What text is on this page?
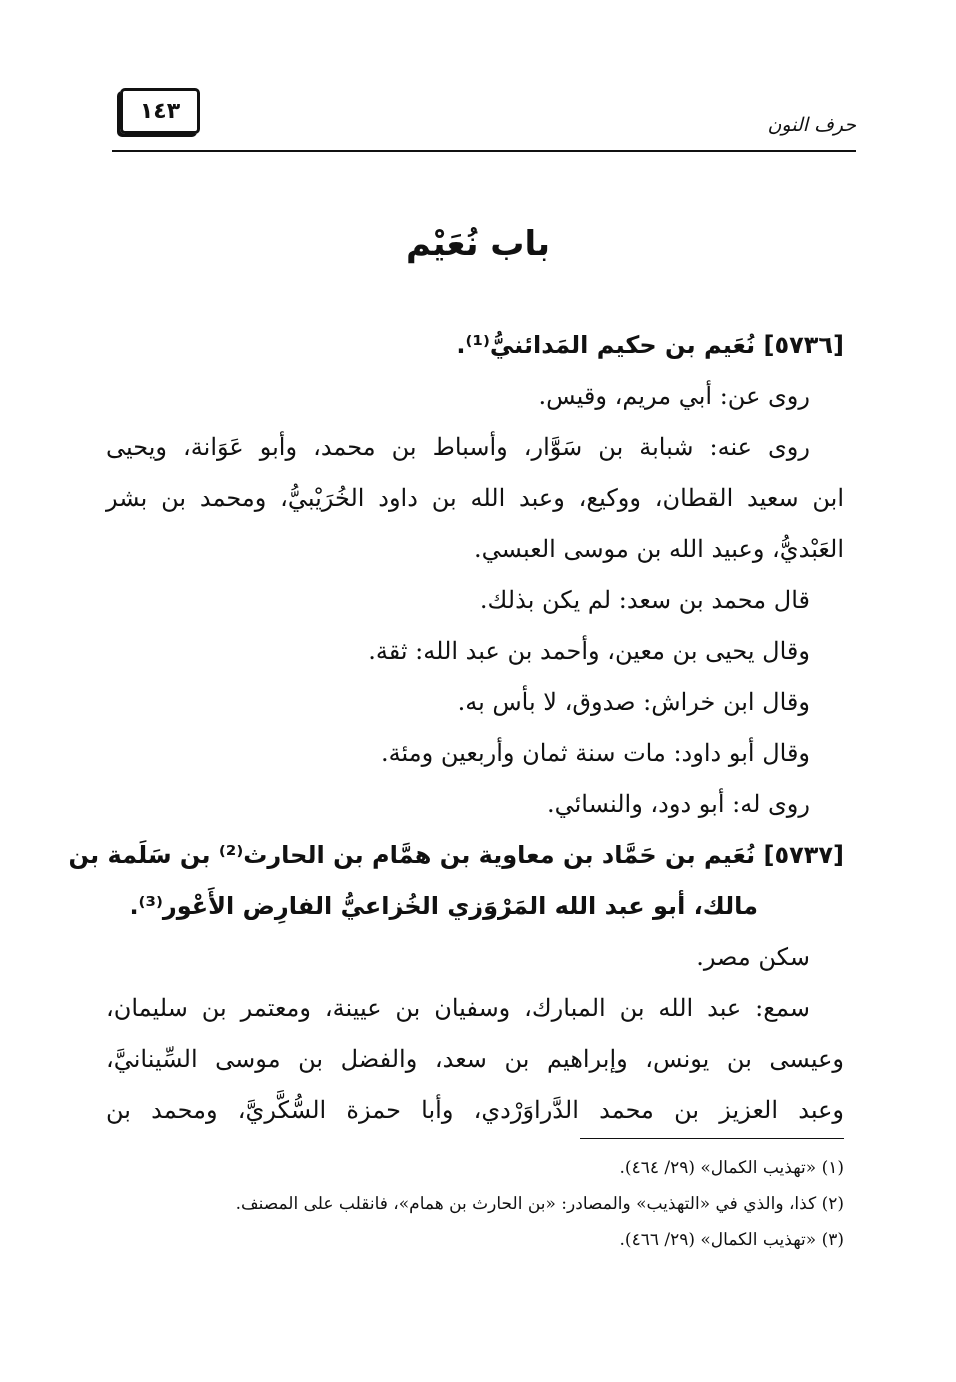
حرف النون
١٤٣
باب نُعَيْم
[٥٧٣٦] نُعَيم بن حكيم المَدائنيُّ⁽¹⁾.
روى عن: أبي مريم، وقيس.
روى عنه: شبابة بن سَوَّار، وأسباط بن محمد، وأبو عَوَانة، ويحيى
ابن سعيد القطان، ووكيع، وعبد الله بن داود الخُرَيْبيُّ، ومحمد بن بشر
العَبْديُّ، وعبيد الله بن موسى العبسي.
قال محمد بن سعد: لم يكن بذلك.
وقال يحيى بن معين، وأحمد بن عبد الله: ثقة.
وقال ابن خراش: صدوق، لا بأس به.
وقال أبو داود: مات سنة ثمان وأربعين ومئة.
روى له: أبو دود، والنسائي.
[٥٧٣٧] نُعَيم بن حَمَّاد بن معاوية بن همَّام بن الحارث⁽²⁾ بن سَلَمة بن
مالك، أبو عبد الله المَرْوَزي الخُزاعيُّ الفارِض الأَعْور⁽³⁾.
سكن مصر.
سمع: عبد الله بن المبارك، وسفيان بن عيينة، ومعتمر بن سليمان،
وعيسى بن يونس، وإبراهيم بن سعد، والفضل بن موسى السِّينانيَّ،
وعبد العزيز بن محمد الدَّراوَرْدي، وأبا حمزة السُّكَّريَّ، ومحمد بن
(١) «تهذيب الكمال» (٢٩/ ٤٦٤).
(٢) كذا، والذي في «التهذيب» والمصادر: «بن الحارث بن همام»، فانقلب على المصنف.
(٣) «تهذيب الكمال» (٢٩/ ٤٦٦).
